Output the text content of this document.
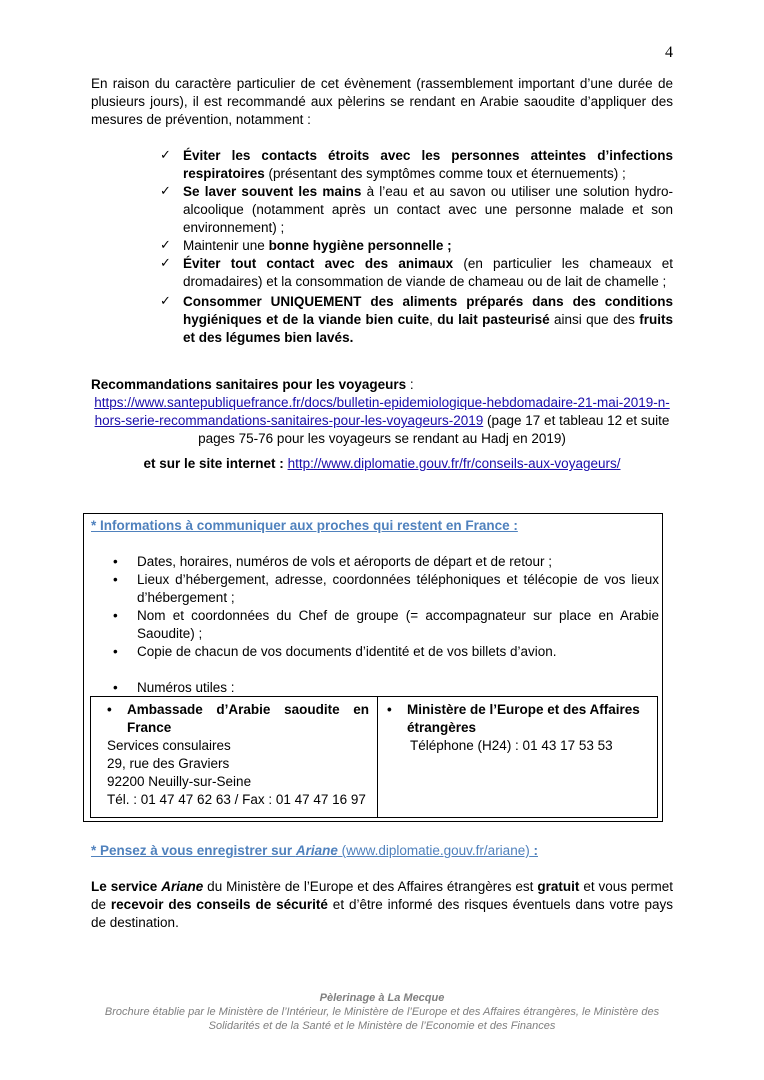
4

En raison du caractère particulier de cet évènement (rassemblement important d’une durée de plusieurs jours), il est recommandé aux pèlerins se rendant en Arabie saoudite d’appliquer des mesures de prévention, notamment :

✓ Éviter les contacts étroits avec les personnes atteintes d’infections respiratoires (présentant des symptômes comme toux et éternuements) ;
✓ Se laver souvent les mains à l’eau et au savon ou utiliser une solution hydro-alcoolique (notamment après un contact avec une personne malade et son environnement) ;
✓ Maintenir une bonne hygiène personnelle ;
✓ Éviter tout contact avec des animaux (en particulier les chameaux et dromadaires) et la consommation de viande de chameau ou de lait de chamelle ;
✓ Consommer UNIQUEMENT des aliments préparés dans des conditions hygiéniques et de la viande bien cuite, du lait pasteurisé ainsi que des fruits et des légumes bien lavés.
Recommandations sanitaires pour les voyageurs :
https://www.santepubliquefrance.fr/docs/bulletin-epidemiologique-hebdomadaire-21-mai-2019-n-hors-serie-recommandations-sanitaires-pour-les-voyageurs-2019 (page 17 et tableau 12 et suite pages 75-76 pour les voyageurs se rendant au Hadj en 2019)
et sur le site internet : http://www.diplomatie.gouv.fr/fr/conseils-aux-voyageurs/
* Informations à communiquer aux proches qui restent en France :
• Dates, horaires, numéros de vols et aéroports de départ et de retour ;
• Lieux d’hébergement, adresse, coordonnées téléphoniques et télécopie de vos lieux d’hébergement ;
• Nom et coordonnées du Chef de groupe (= accompagnateur sur place en Arabie Saoudite) ;
• Copie de chacun de vos documents d’identité et de vos billets d’avion.
• Numéros utiles :
• Ambassade d’Arabie saoudite en France
Services consulaires
29, rue des Graviers
92200 Neuilly-sur-Seine
Tél. : 01 47 47 62 63 / Fax : 01 47 47 16 97
• Ministère de l’Europe et des Affaires étrangères
Téléphone (H24) : 01 43 17 53 53
* Pensez à vous enregistrer sur Ariane (www.diplomatie.gouv.fr/ariane) :

Le service Ariane du Ministère de l’Europe et des Affaires étrangères est gratuit et vous permet de recevoir des conseils de sécurité et d’être informé des risques éventuels dans votre pays de destination.

Pèlerinage à La Mecque
Brochure établie par le Ministère de l’Intérieur, le Ministère de l’Europe et des Affaires étrangères, le Ministère des Solidarités et de la Santé et le Ministère de l’Economie et des Finances
